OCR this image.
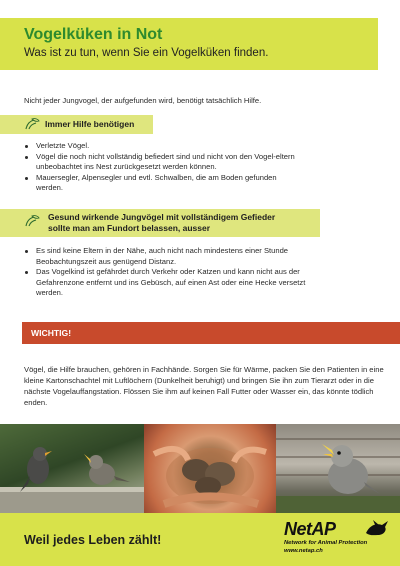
Vogelküken in Not
Was ist zu tun, wenn Sie ein Vogelküken finden.
Nicht jeder Jungvogel, der aufgefunden wird, benötigt tatsächlich Hilfe.
Immer Hilfe benötigen
Verletzte Vögel.
Vögel die noch nicht vollständig befiedert sind und nicht von den Vogel-eltern unbeobachtet ins Nest zurückgesetzt werden können.
Mauersegler, Alpensegler und evtl. Schwalben, die am Boden gefunden werden.
Gesund wirkende Jungvögel mit vollständigem Gefieder
sollte man am Fundort belassen, ausser
Es sind keine Eltern in der Nähe, auch nicht nach mindestens einer Stunde Beobachtungszeit aus genügend Distanz.
Das Vogelkind ist gefährdet durch Verkehr oder Katzen und kann nicht aus der Gefahrenzone entfernt und ins Gebüsch, auf einen Ast oder eine Hecke versetzt werden.
WICHTIG!
Vögel, die Hilfe brauchen, gehören in Fachhände. Sorgen Sie für Wärme, packen Sie den Patienten in eine kleine Kartonschachtel mit Luftlöchern (Dunkelheit beruhigt) und bringen Sie ihn zum Tierarzt oder in die nächste Vogelauffangstation. Flössen Sie ihm auf keinen Fall Futter oder Wasser ein, das könnte tödlich enden.
Weil jedes Leben zählt!
NetAP
Network for Animal Protection
www.netap.ch
